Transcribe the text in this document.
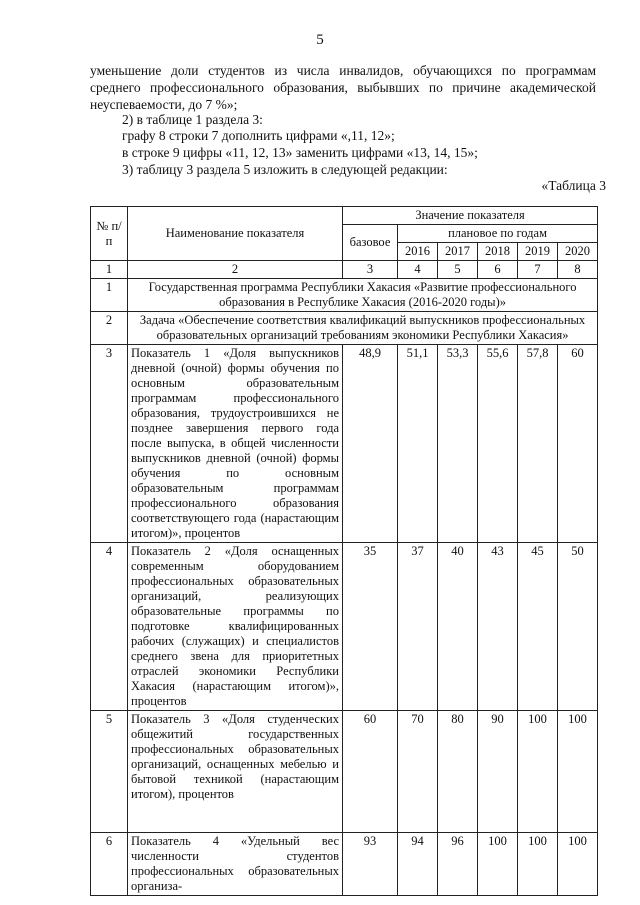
5
уменьшение доли студентов из числа инвалидов, обучающихся по программам среднего профессионального образования, выбывших по причине академической неуспеваемости, до 7 %»;
2) в таблице 1 раздела 3:
графу 8 строки 7 дополнить цифрами «,11, 12»;
в строке 9 цифры «11, 12, 13» заменить цифрами «13, 14, 15»;
3) таблицу 3 раздела 5 изложить в следующей редакции:
«Таблица 3
№ п/п	Наименование показателя	Значение показателя					
		базовое	плановое по годам				
			2016	2017	2018	2019	2020
1	2	3	4	5	6	7	8
1	Государственная программа Республики Хакасия «Развитие профессионального образования в Республике Хакасия (2016-2020 годы)»						
2	Задача «Обеспечение соответствия квалификаций выпускников профессиональных образовательных организаций требованиям экономики Республики Хакасия»						
3	Показатель 1 «Доля выпускников дневной (очной) формы обучения по основным образовательным программам профессионального образования, трудоустроившихся не позднее завершения первого года после выпуска, в общей численности выпускников дневной (очной) формы обучения по основным образовательным программам профессионального образования соответствующего года (нарастающим итогом)», процентов	48,9	51,1	53,3	55,6	57,8	60
4	Показатель 2 «Доля оснащенных современным оборудованием профессиональных образовательных организаций, реализующих образовательные программы по подготовке квалифицированных рабочих (служащих) и специалистов среднего звена для приоритетных отраслей экономики Республики Хакасия (нарастающим итогом)», процентов	35	37	40	43	45	50
5	Показатель 3 «Доля студенческих общежитий государственных профессиональных образовательных организаций, оснащенных мебелью и бытовой техникой (нарастающим итогом), процентов	60	70	80	90	100	100
6	Показатель 4 «Удельный вес численности студентов профессиональных образовательных организа-	93	94	96	100	100	100
